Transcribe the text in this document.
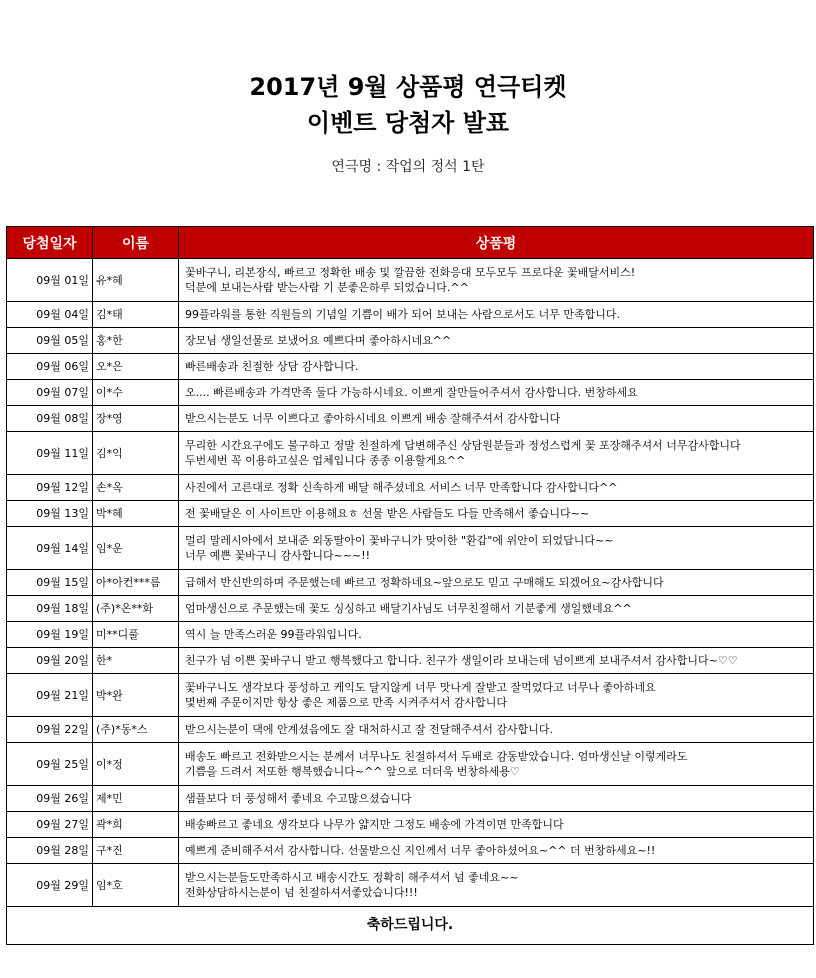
2017년 9월 상품평 연극티켓
이벤트 당첨자 발표
연극명 : 작업의 정석 1탄
당첨일자	이름	상품평
09월 01일	유*혜	꽃바구니, 리본장식, 빠르고 정확한 배송 및 깔끔한 전화응대 모두모두 프로다운 꽃배달서비스!
덕분에 보내는사람 받는사람 기 분좋은하루 되었습니다.^^

09월 04일	김*태	99플라워를 통한 직원들의 기념일 기쁨이 배가 되어 보내는 사람으로서도 너무 만족합니다.

09월 05일	홍*한	장모님 생일선물로 보냈어요 예쁘다며 좋아하시네요^^

09월 06일	오*은	빠른배송과 친절한 상담 감사합니다.

09월 07일	이*수	오.... 빠른배송과 가격만족 둘다 가능하시네요. 이쁘게 잘만들어주셔서 감사합니다. 번창하세요

09월 08일	장*영	받으시는분도 너무 이쁘다고 좋아하시네요 이쁘게 배송 잘해주셔서 감사합니다

09월 11일	김*익	무리한 시간요구에도 불구하고 정말 친절하게 답변해주신 상담원분들과 정성스럽게 꽃 포장해주셔서 너무감사합니다
두번세번 꼭 이용하고싶은 업체입니다 종종 이용할게요^^

09월 12일	손*옥	사진에서 고른대로 정확 신속하게 배달 해주셨네요 서비스 너무 만족합니다 감사합니다^^

09월 13일	박*혜	전 꽃배달은 이 사이트만 이용해요ㅎ 선물 받은 사람들도 다들 만족해서 좋습니다~~

09월 14일	임*운	멀리 말레시아에서 보내준 외동딸아이 꽃바구니가 맞이한 "환갑"에 위안이 되었답니다~~
너무 예쁜 꽃바구니 감사합니다~~~!!

09월 15일	아*아컨***름	급해서 반신반의하며 주문했는데 빠르고 정확하네요~앞으로도 믿고 구매해도 되겠어요~감사합니다

09월 18일	(주)*온**화	엄마생신으로 주문했는데 꽃도 싱싱하고 배달기사님도 너무친절해서 기분좋게 생일했네요^^

09월 19일	미**디풀	역시 늘 만족스러운 99플라워입니다.

09월 20일	한*	친구가 넘 이쁜 꽃바구니 받고 행복했다고 합니다. 친구가 생일이라 보내는데 넘이쁘게 보내주셔서 감사합니다~♡♡

09월 21일	박*완	꽃바구니도 생각보다 풍성하고 케익도 달지않게 너무 맛나게 잘받고 잘먹었다고 너무나 좋아하네요
몇번째 주문이지만 항상 좋은 제품으로 만족 시켜주셔서 감사합니다

09월 22일	(주)*동*스	받으시는분이 댁에 안계셨음에도 잘 대처하시고 잘 전달해주셔서 감사합니다.

09월 25일	이*정	배송도 빠르고 전화받으시는 분께서 너무나도 친절하셔서 두배로 감동받았습니다. 엄마생신날 이렇게라도
기쁨을 드려서 저또한 행복했습니다~^^ 앞으로 더더욱 번창하세용♡

09월 26일	제*민	샘플보다 더 풍성해서 좋네요 수고많으셨습니다

09월 27일	곽*희	배송빠르고 좋네요 생각보다 나무가 얇지만 그정도 배송에 가격이면 만족합니다

09월 28일	구*진	예쁘게 준비해주셔서 감사합니다. 선물받으신 지인께서 너무 좋아하셨어요~^^ 더 번창하세요~!!

09월 29일	임*호	받으시는분들도만족하시고 배송시간도 정확히 해주셔서 넘 좋네요~~
전화상담하시는분이 넘 친절하셔서좋았습니다!!!

축하드립니다.		
